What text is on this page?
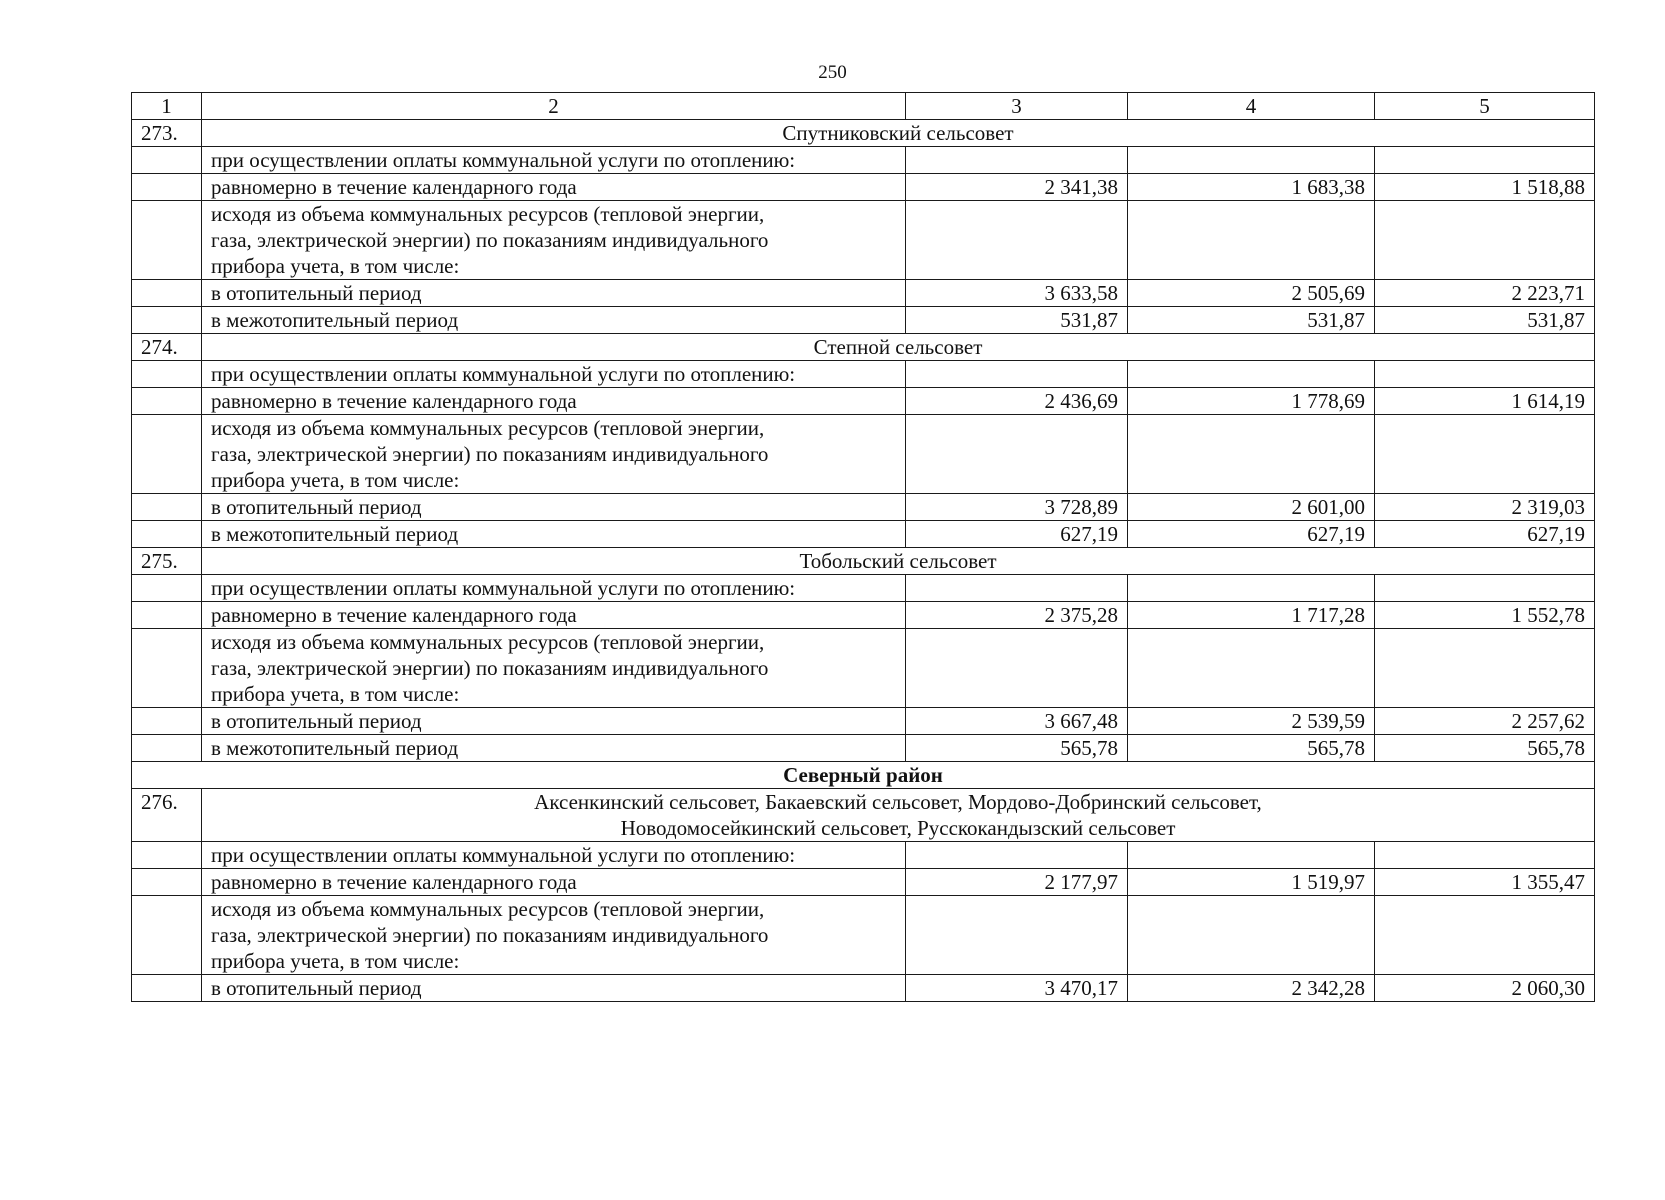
250
1	2	3	4	5
273.	Спутниковский сельсовет			
	при осуществлении оплаты коммунальной услуги по отоплению:			
	равномерно в течение календарного года	2 341,38	1 683,38	1 518,88
	исходя из объема коммунальных ресурсов (тепловой энергии,
газа, электрической энергии) по показаниям индивидуального
прибора учета, в том числе:			
	в отопительный период	3 633,58	2 505,69	2 223,71
	в межотопительный период	531,87	531,87	531,87
274.	Степной сельсовет			
	при осуществлении оплаты коммунальной услуги по отоплению:			
	равномерно в течение календарного года	2 436,69	1 778,69	1 614,19
	исходя из объема коммунальных ресурсов (тепловой энергии,
газа, электрической энергии) по показаниям индивидуального
прибора учета, в том числе:			
	в отопительный период	3 728,89	2 601,00	2 319,03
	в межотопительный период	627,19	627,19	627,19
275.	Тобольский сельсовет			
	при осуществлении оплаты коммунальной услуги по отоплению:			
	равномерно в течение календарного года	2 375,28	1 717,28	1 552,78
	исходя из объема коммунальных ресурсов (тепловой энергии,
газа, электрической энергии) по показаниям индивидуального
прибора учета, в том числе:			
	в отопительный период	3 667,48	2 539,59	2 257,62
	в межотопительный период	565,78	565,78	565,78
Северный район				
276.	Аксенкинский сельсовет, Бакаевский сельсовет, Мордово-Добринский сельсовет,
Новодомосейкинский сельсовет, Русскокандызский сельсовет			
	при осуществлении оплаты коммунальной услуги по отоплению:			
	равномерно в течение календарного года	2 177,97	1 519,97	1 355,47
	исходя из объема коммунальных ресурсов (тепловой энергии,
газа, электрической энергии) по показаниям индивидуального
прибора учета, в том числе:			
	в отопительный период	3 470,17	2 342,28	2 060,30
